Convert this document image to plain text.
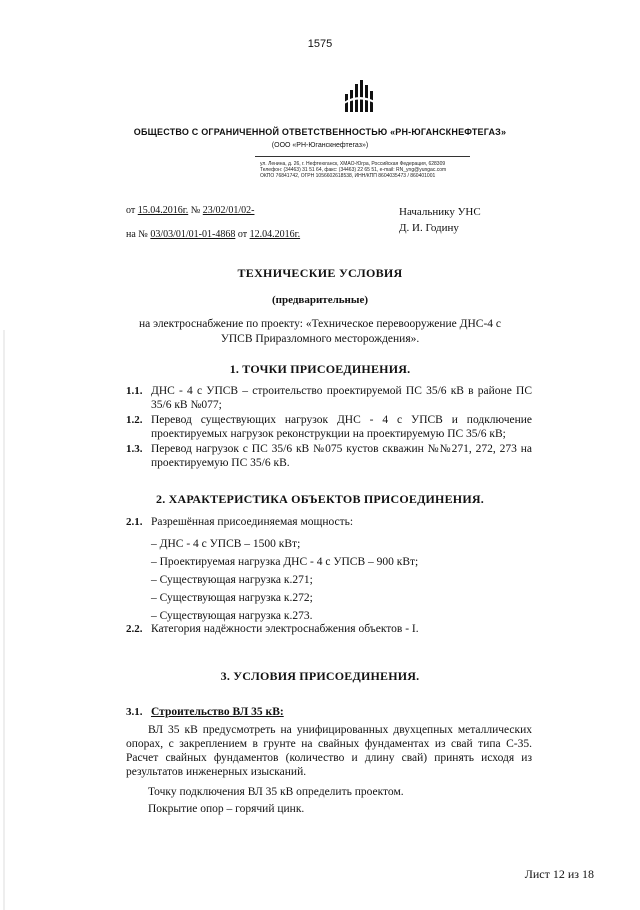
1575
ОБЩЕСТВО С ОГРАНИЧЕННОЙ ОТВЕТСТВЕННОСТЬЮ «РН-ЮГАНСКНЕФТЕГАЗ»
(ООО «РН-Юганскнефтегаз»)
ул. Ленина, д. 26, г. Нефтеюганск, ХМАО-Югра, Российская Федерация, 628309
Телефон: (34463) 31 51 64, факс: (34463) 22 65 51, e-mail: RN_yng@yungac.com
ОКПО 76841742, ОГРН 1056602618538, ИНН/КПП 8604035473 / 860401001
от 15.04.2016г. № 23/02/01/02-
на № 03/03/01/01-01-4868 от 12.04.2016г.
Начальнику УНС
Д. И. Годину
ТЕХНИЧЕСКИЕ УСЛОВИЯ
(предварительные)
на электроснабжение по проекту: «Техническое перевооружение ДНС-4 с
УПСВ Приразломного месторождения».
1. ТОЧКИ ПРИСОЕДИНЕНИЯ.
1.1. ДНС - 4 с УПСВ – строительство проектируемой ПС 35/6 кВ в районе ПС 35/6 кВ №077;
1.2. Перевод существующих нагрузок ДНС - 4 с УПСВ и подключение проектируемых нагрузок реконструкции на проектируемую ПС 35/6 кВ;
1.3. Перевод нагрузок с ПС 35/6 кВ №075 кустов скважин №№271, 272, 273 на проектируемую ПС 35/6 кВ.
2. ХАРАКТЕРИСТИКА ОБЪЕКТОВ ПРИСОЕДИНЕНИЯ.
2.1. Разрешённая присоединяемая мощность:
– ДНС - 4 с УПСВ – 1500 кВт;
– Проектируемая нагрузка ДНС - 4 с УПСВ – 900 кВт;
– Существующая нагрузка к.271;
– Существующая нагрузка к.272;
– Существующая нагрузка к.273.
2.2. Категория надёжности электроснабжения объектов - I.
3. УСЛОВИЯ ПРИСОЕДИНЕНИЯ.
3.1. Строительство ВЛ 35 кВ:
ВЛ 35 кВ предусмотреть на унифицированных двухцепных металлических опорах, с закреплением в грунте на свайных фундаментах из свай типа С-35. Расчет свайных фундаментов (количество и длину свай) принять исходя из результатов инженерных изысканий.
Точку подключения ВЛ 35 кВ определить проектом.
Покрытие опор – горячий цинк.
Лист 12 из 18
